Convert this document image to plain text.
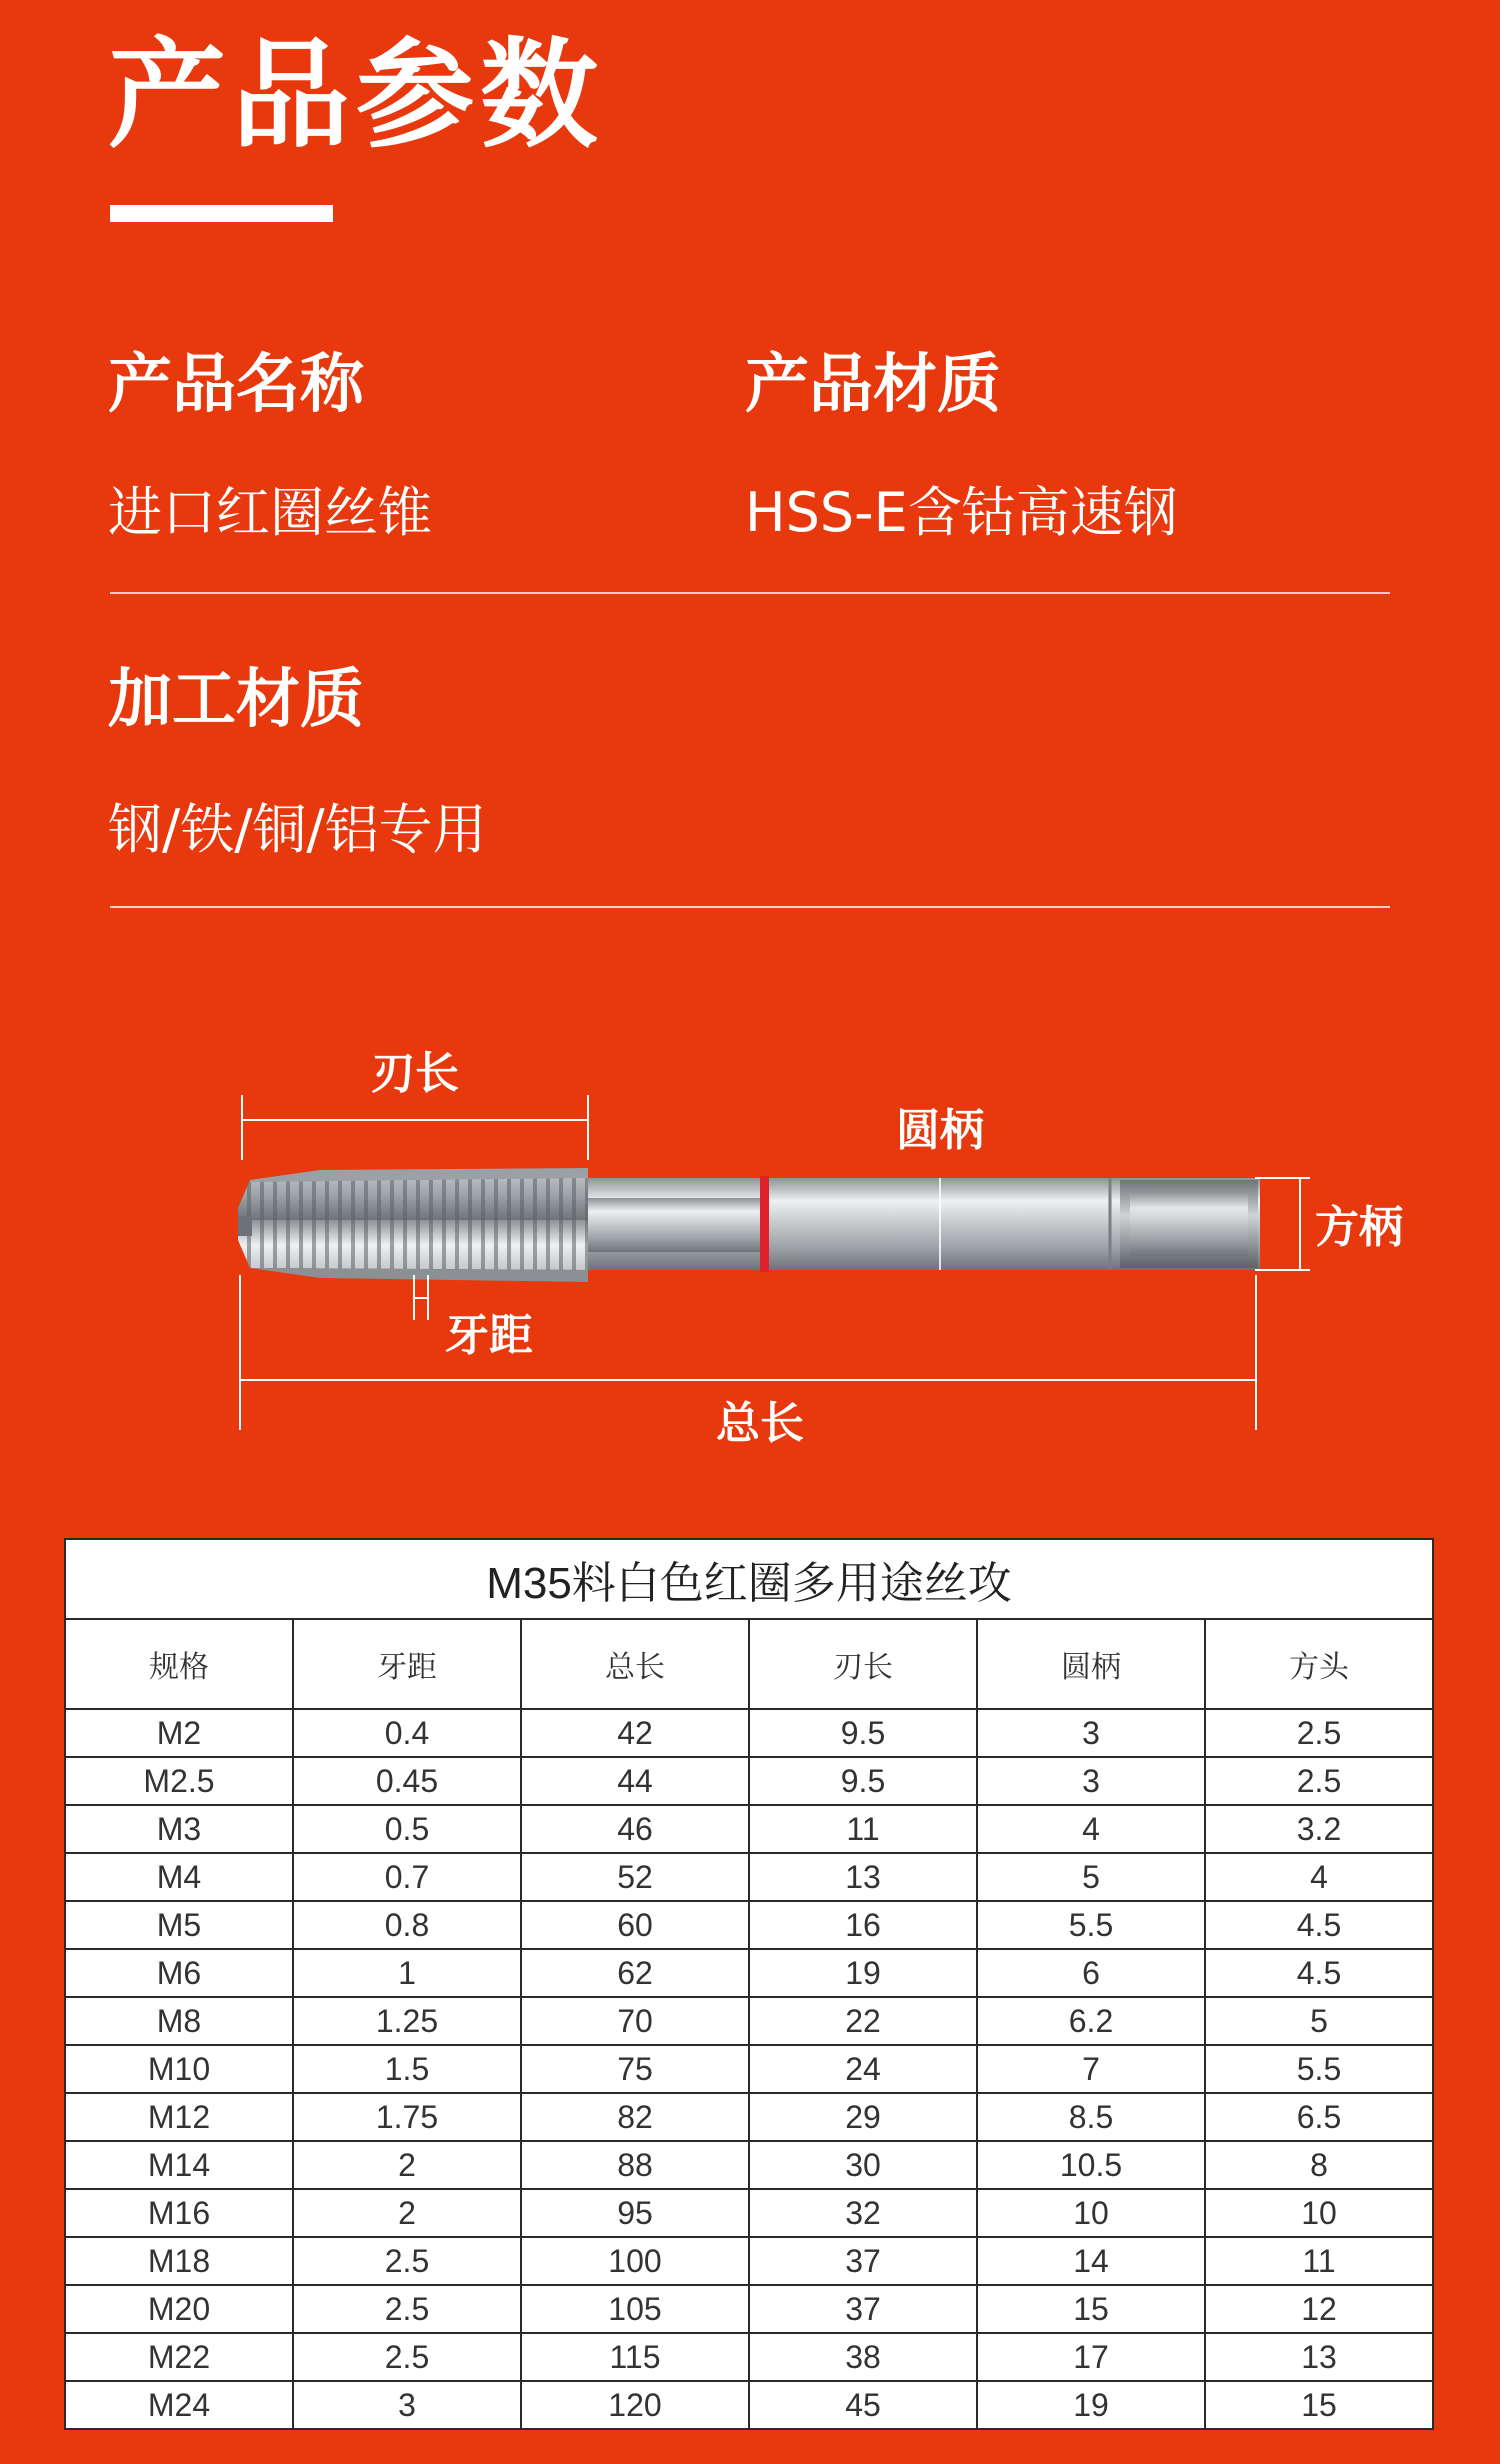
产品参数
产品名称
进口红圈丝锥
产品材质
HSS-E含钴高速钢
加工材质
钢/铁/铜/铝专用
刃长
圆柄
方柄
牙距
总长
M35料白色红圈多用途丝攻					
规格	牙距	总长	刃长	圆柄	方头
M2	0.4	42	9.5	3	2.5
M2.5	0.45	44	9.5	3	2.5
M3	0.5	46	11	4	3.2
M4	0.7	52	13	5	4
M5	0.8	60	16	5.5	4.5
M6	1	62	19	6	4.5
M8	1.25	70	22	6.2	5
M10	1.5	75	24	7	5.5
M12	1.75	82	29	8.5	6.5
M14	2	88	30	10.5	8
M16	2	95	32	10	10
M18	2.5	100	37	14	11
M20	2.5	105	37	15	12
M22	2.5	115	38	17	13
M24	3	120	45	19	15
